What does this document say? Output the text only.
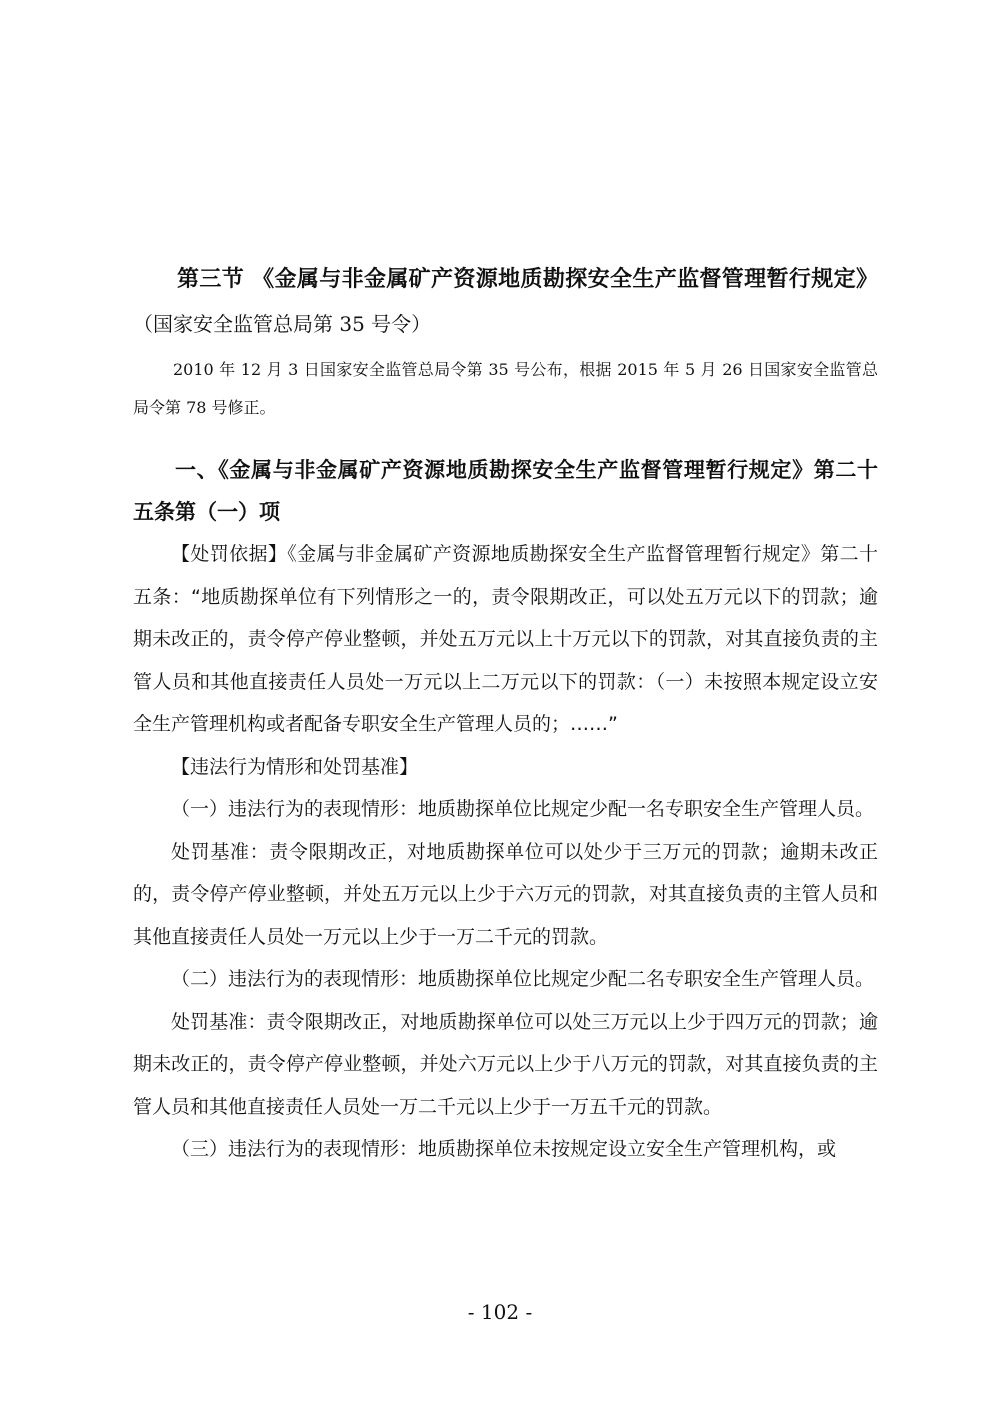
第三节 《金属与非金属矿产资源地质勘探安全生产监督管理暂行规定》（国家安全监管总局第 35 号令）

2010 年 12 月 3 日国家安全监管总局令第 35 号公布，根据 2015 年 5 月 26 日国家安全监管总局令第 78 号修正。

一、《金属与非金属矿产资源地质勘探安全生产监督管理暂行规定》第二十五条第（一）项

【处罚依据】《金属与非金属矿产资源地质勘探安全生产监督管理暂行规定》第二十五条：“地质勘探单位有下列情形之一的，责令限期改正，可以处五万元以下的罚款；逾期未改正的，责令停产停业整顿，并处五万元以上十万元以下的罚款，对其直接负责的主管人员和其他直接责任人员处一万元以上二万元以下的罚款：（一）未按照本规定设立安全生产管理机构或者配备专职安全生产管理人员的；……”

【违法行为情形和处罚基准】

（一）违法行为的表现情形：地质勘探单位比规定少配一名专职安全生产管理人员。

处罚基准：责令限期改正，对地质勘探单位可以处少于三万元的罚款；逾期未改正的，责令停产停业整顿，并处五万元以上少于六万元的罚款，对其直接负责的主管人员和其他直接责任人员处一万元以上少于一万二千元的罚款。

（二）违法行为的表现情形：地质勘探单位比规定少配二名专职安全生产管理人员。

处罚基准：责令限期改正，对地质勘探单位可以处三万元以上少于四万元的罚款；逾期未改正的，责令停产停业整顿，并处六万元以上少于八万元的罚款，对其直接负责的主管人员和其他直接责任人员处一万二千元以上少于一万五千元的罚款。

（三）违法行为的表现情形：地质勘探单位未按规定设立安全生产管理机构，或

- 102 -
